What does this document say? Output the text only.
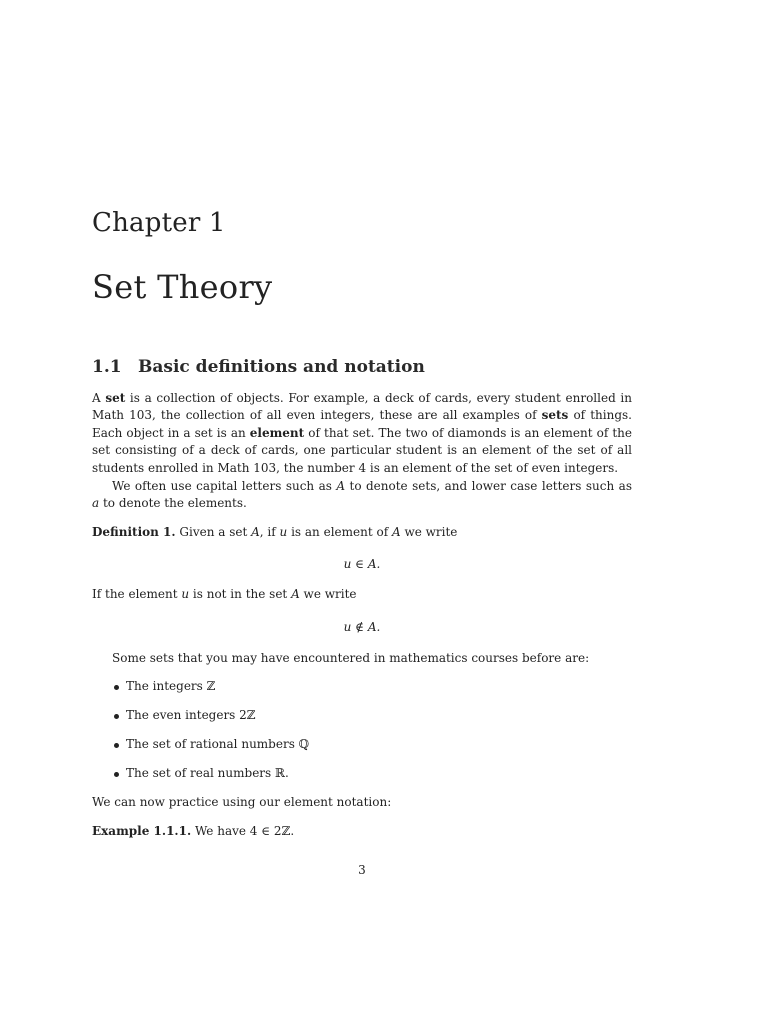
Chapter 1
Set Theory
1.1 Basic definitions and notation

A set is a collection of objects. For example, a deck of cards, every student enrolled in Math 103, the collection of all even integers, these are all examples of sets of things. Each object in a set is an element of that set. The two of diamonds is an element of the set consisting of a deck of cards, one particular student is an element of the set of all students enrolled in Math 103, the number 4 is an element of the set of even integers.

We often use capital letters such as A to denote sets, and lower case letters such as a to denote the elements.

Definition 1. Given a set A, if u is an element of A we write

u ∈ A.

If the element u is not in the set A we write

u ∉ A.

Some sets that you may have encountered in mathematics courses before are:

The integers ℤ
The even integers 2ℤ
The set of rational numbers ℚ
The set of real numbers ℝ.

We can now practice using our element notation:

Example 1.1.1. We have 4 ∈ 2ℤ.

3
